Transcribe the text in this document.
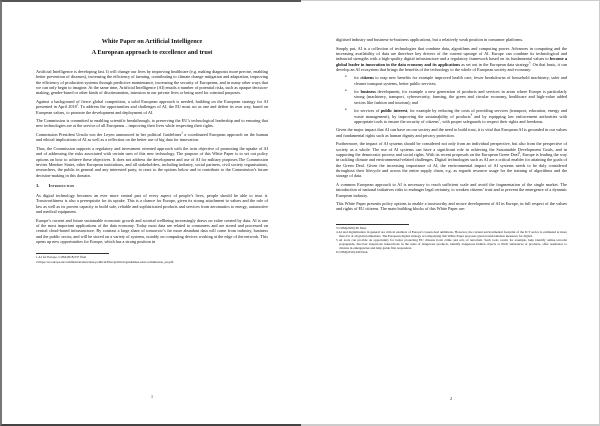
White Paper on Artificial Intelligence
A European approach to excellence and trust

Artificial Intelligence is developing fast. It will change our lives by improving healthcare (e.g. making diagnosis more precise, enabling better prevention of diseases), increasing the efficiency of farming, contributing to climate change mitigation and adaptation, improving the efficiency of production systems through predictive maintenance, increasing the security of Europeans, and in many other ways that we can only begin to imagine. At the same time, Artificial Intelligence (AI) entails a number of potential risks, such as opaque decision-making, gender-based or other kinds of discrimination, intrusion in our private lives or being used for criminal purposes.

Against a background of fierce global competition, a solid European approach is needed, building on the European strategy for AI presented in April 2018$^1$. To address the opportunities and challenges of AI, the EU must act as one and define its own way, based on European values, to promote the development and deployment of AI.

The Commission is committed to enabling scientific breakthrough, to preserving the EU’s technological leadership and to ensuring that new technologies are at the service of all Europeans – improving their lives while respecting their rights.

Commission President Ursula von der Leyen announced in her political Guidelines$^2$ a coordinated European approach on the human and ethical implications of AI as well as a reflection on the better use of big data for innovation.

Thus, the Commission supports a regulatory and investment oriented approach with the twin objective of promoting the uptake of AI and of addressing the risks associated with certain uses of this new technology. The purpose of this White Paper is to set out policy options on how to achieve these objectives. It does not address the development and use of AI for military purposes.The Commission invites Member States, other European institutions, and all stakeholders, including industry, social partners, civil society organisations, researchers, the public in general and any interested party, to react to the options below and to contribute to the Commission’s future decision-making in this domain.

1. Introduction

As digital technology becomes an ever more central part of every aspect of people’s lives, people should be able to trust it. Trustworthiness is also a prerequisite for its uptake. This is a chance for Europe, given its strong attachment to values and the rule of law as well as its proven capacity to build safe, reliable and sophisticated products and services from aeronautics to energy, automotive and medical equipment.

Europe’s current and future sustainable economic growth and societal wellbeing increasingly draws on value created by data. AI is one of the most important applications of the data economy. Today most data are related to consumers and are stored and processed on central cloud-based infrastructure. By contrast a large share of tomorrow’s far more abundant data will come from industry, business and the public sector, and will be stored on a variety of systems, notably on computing devices working at the edge of the network. This opens up new opportunities for Europe, which has a strong position in

1 AI for Europe, COM/2018/237 final
2 https://ec.europa.eu/commission/sites/beta-political/files/political-guidelines-next-commission_en.pdf.
1

digitised industry and business-to-business applications, but a relatively weak position in consumer platforms.

Simply put, AI is a collection of technologies that combine data, algorithms and computing power. Advances in computing and the increasing availability of data are therefore key drivers of the current upsurge of AI. Europe can combine its technological and industrial strengths with a high-quality digital infrastructure and a regulatory framework based on its fundamental values to become a global leader in innovation in the data economy and its applications as set out in the European data strategy$^3$. On that basis, it can develop an AI ecosystem that brings the benefits of the technology to the whole of European society and economy:

• for citizens to reap new benefits for example improved health care, fewer breakdowns of household machinery, safer and cleaner transport systems, better public services;
• for business development, for example a new generation of products and services in areas where Europe is particularly strong (machinery, transport, cybersecurity, farming, the green and circular economy, healthcare and high-value added sectors like fashion and tourism); and
• for services of public interest, for example by reducing the costs of providing services (transport, education, energy and waste management), by improving the sustainability of products$^4$ and by equipping law enforcement authorities with appropriate tools to ensure the security of citizens$^5$, with proper safeguards to respect their rights and freedoms.

Given the major impact that AI can have on our society and the need to build trust, it is vital that European AI is grounded in our values and fundamental rights such as human dignity and privacy protection.

Furthermore, the impact of AI systems should be considered not only from an individual perspective, but also from the perspective of society as a whole. The use of AI systems can have a significant role in achieving the Sustainable Development Goals, and in supporting the democratic process and social rights. With its recent proposals on the European Green Deal$^6$, Europe is leading the way in tackling climate and environmental-related challenges. Digital technologies such as AI are a critical enabler for attaining the goals of the Green Deal. Given the increasing importance of AI, the environmental impact of AI systems needs to be duly considered throughout their lifecycle and across the entire supply chain, e.g. as regards resource usage for the training of algorithms and the storage of data.

A common European approach to AI is necessary to reach sufficient scale and avoid the fragmentation of the single market. The introduction of national initiatives risks to endanger legal certainty, to weaken citizens’ trust and to prevent the emergence of a dynamic European industry.

This White Paper presents policy options to enable a trustworthy and secure development of AI in Europe, in full respect of the values and rights of EU citizens. The main building blocks of this White Paper are:

3 COM(2020) 66 final.
4 AI and digitalisation in general are critical enablers of Europe’s Green deal ambitions. However, the current environmental footprint of the ICT sector is estimated at more than 2% of all global emissions. The European digital strategy accompanying this White Paper proposes green transformation measures for digital.
5 AI tools can provide an opportunity for better protecting EU citizens from crime and acts of terrorism. Such tools could, for example, help identify online terrorist propaganda, discover suspicious transactions in the sales of dangerous products, identify dangerous hidden objects or illicit substances or products, offer assistance to citizens in emergencies and help guide first responders.
6 COM(2019) 640 final.
2
